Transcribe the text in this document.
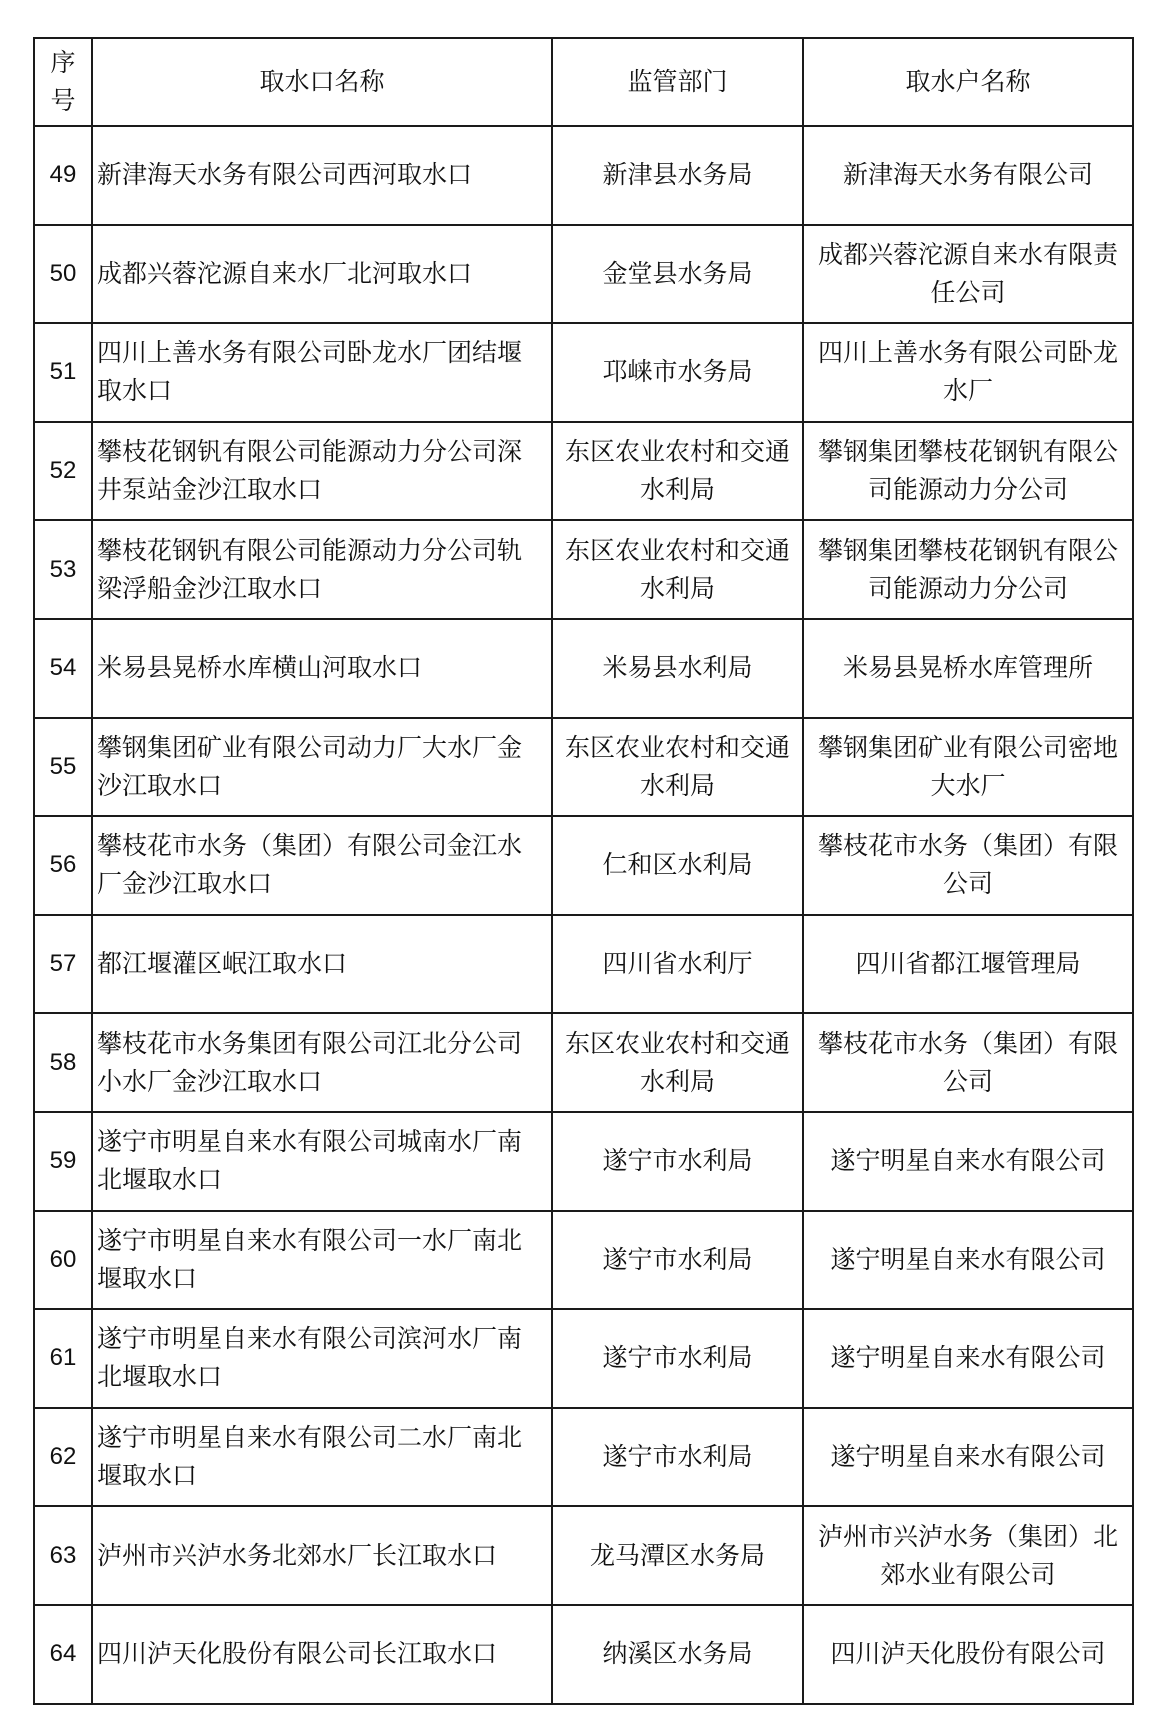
序号	取水口名称	监管部门	取水户名称
49	新津海天水务有限公司西河取水口	新津县水务局	新津海天水务有限公司
50	成都兴蓉沱源自来水厂北河取水口	金堂县水务局	成都兴蓉沱源自来水有限责任公司
51	四川上善水务有限公司卧龙水厂团结堰取水口	邛崃市水务局	四川上善水务有限公司卧龙水厂
52	攀枝花钢钒有限公司能源动力分公司深井泵站金沙江取水口	东区农业农村和交通水利局	攀钢集团攀枝花钢钒有限公司能源动力分公司
53	攀枝花钢钒有限公司能源动力分公司轨梁浮船金沙江取水口	东区农业农村和交通水利局	攀钢集团攀枝花钢钒有限公司能源动力分公司
54	米易县晃桥水库横山河取水口	米易县水利局	米易县晃桥水库管理所
55	攀钢集团矿业有限公司动力厂大水厂金沙江取水口	东区农业农村和交通水利局	攀钢集团矿业有限公司密地大水厂
56	攀枝花市水务（集团）有限公司金江水厂金沙江取水口	仁和区水利局	攀枝花市水务（集团）有限公司
57	都江堰灌区岷江取水口	四川省水利厅	四川省都江堰管理局
58	攀枝花市水务集团有限公司江北分公司小水厂金沙江取水口	东区农业农村和交通水利局	攀枝花市水务（集团）有限公司
59	遂宁市明星自来水有限公司城南水厂南北堰取水口	遂宁市水利局	遂宁明星自来水有限公司
60	遂宁市明星自来水有限公司一水厂南北堰取水口	遂宁市水利局	遂宁明星自来水有限公司
61	遂宁市明星自来水有限公司滨河水厂南北堰取水口	遂宁市水利局	遂宁明星自来水有限公司
62	遂宁市明星自来水有限公司二水厂南北堰取水口	遂宁市水利局	遂宁明星自来水有限公司
63	泸州市兴泸水务北郊水厂长江取水口	龙马潭区水务局	泸州市兴泸水务（集团）北郊水业有限公司
64	四川泸天化股份有限公司长江取水口	纳溪区水务局	四川泸天化股份有限公司
